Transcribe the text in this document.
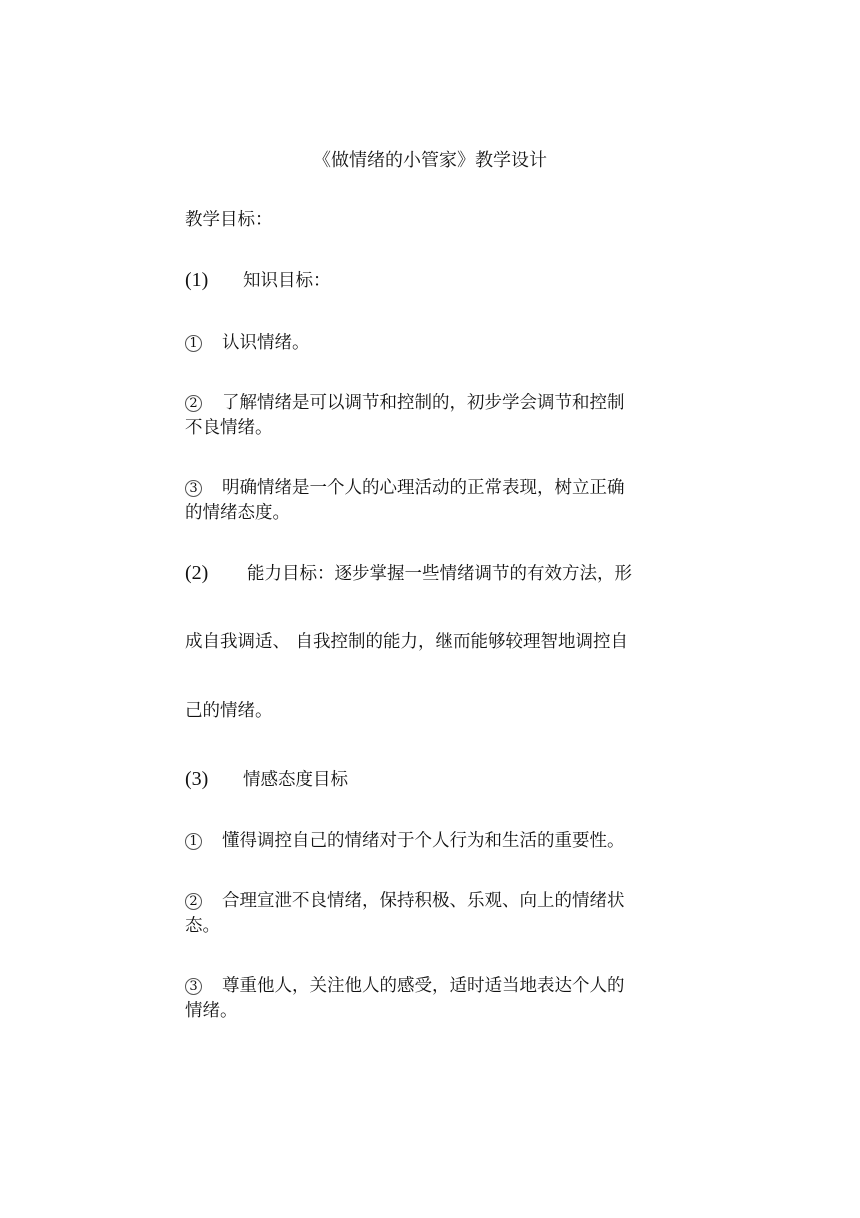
《做情绪的小管家》教学设计

教学目标：

(1) 知识目标：

1 认识情绪。

2 了解情绪是可以调节和控制的，初步学会调节和控制

不良情绪。

3 明确情绪是一个人的心理活动的正常表现，树立正确

的情绪态度。

(2) 能力目标：逐步掌握一些情绪调节的有效方法，形

成自我调适、 自我控制的能力，继而能够较理智地调控自

己的情绪。

(3) 情感态度目标

1 懂得调控自己的情绪对于个人行为和生活的重要性。

2 合理宣泄不良情绪，保持积极、乐观、向上的情绪状

态。

3 尊重他人，关注他人的感受，适时适当地表达个人的

情绪。
